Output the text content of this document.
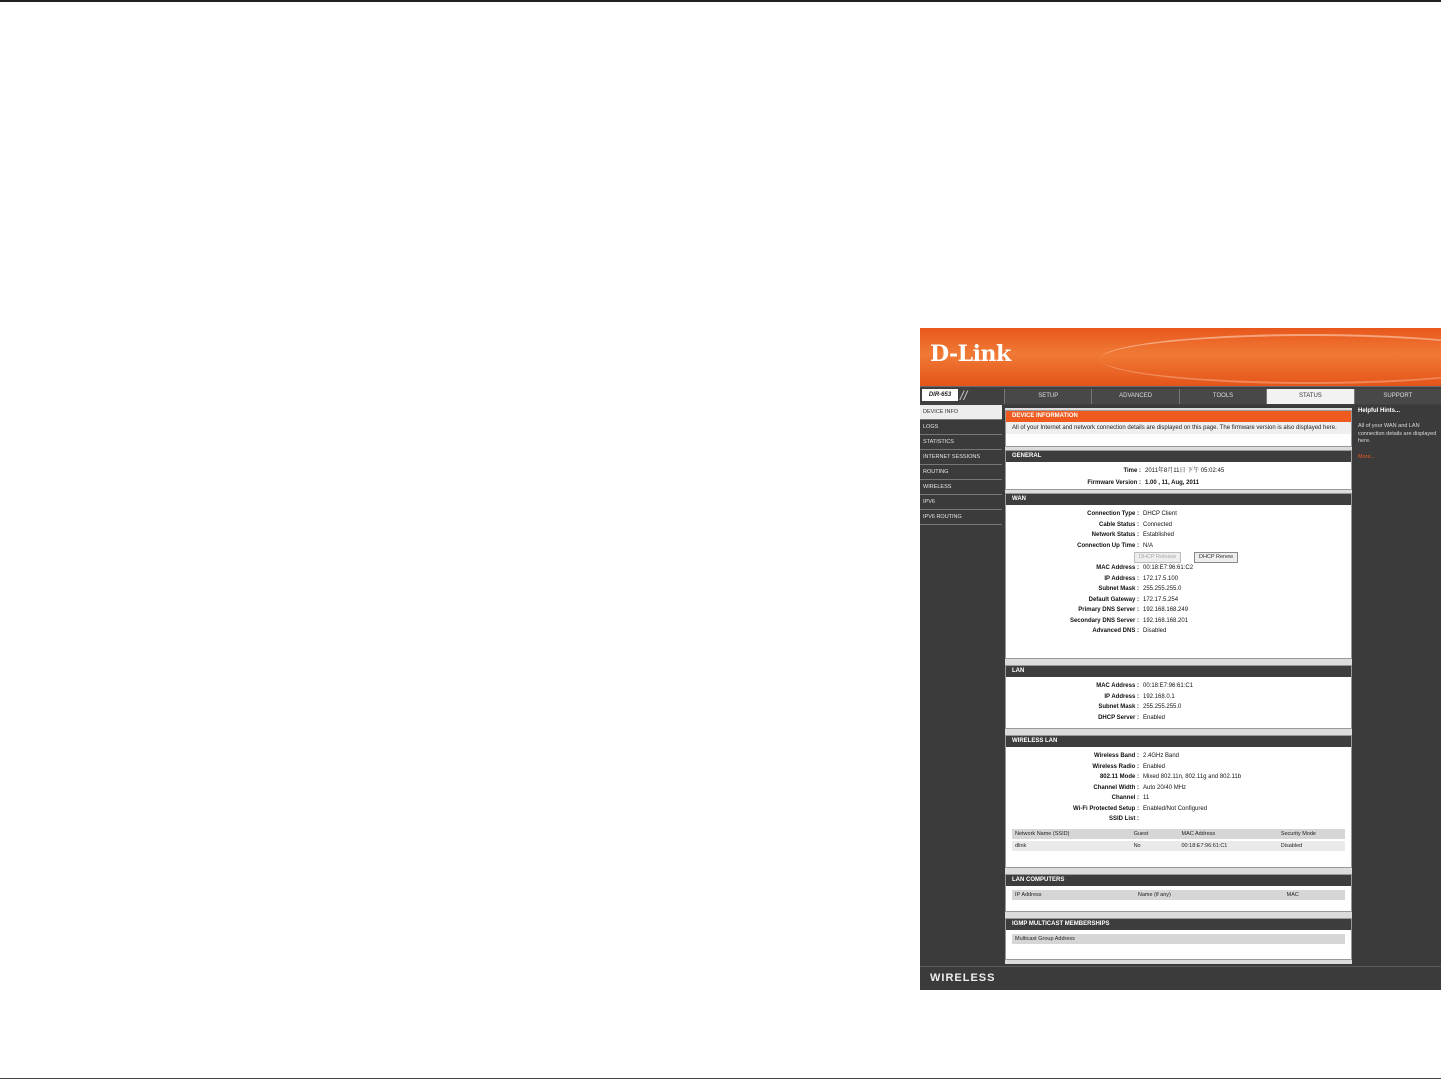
D-Link
DIR-653 //	SETUP	ADVANCED	TOOLS	STATUS	SUPPORT
DEVICE INFO
LOGS
STATISTICS
INTERNET SESSIONS
ROUTING
WIRELESS
IPV6
IPV6 ROUTING
DEVICE INFORMATION
All of your Internet and network connection details are displayed on this page. The firmware version is also displayed here.
GENERAL
Time : 2011年8月11日 下午 05:02:45
Firmware Version : 1.00 , 11, Aug, 2011
WAN
Connection Type : DHCP Client
Cable Status : Connected
Network Status : Established
Connection Up Time : N/A
DHCP Release	DHCP Renew
MAC Address : 00:18:E7:96:61:C2
IP Address : 172.17.5.100
Subnet Mask : 255.255.255.0
Default Gateway : 172.17.5.254
Primary DNS Server : 192.168.168.249
Secondary DNS Server : 192.168.168.201
Advanced DNS : Disabled
LAN
MAC Address : 00:18:E7:96:61:C1
IP Address : 192.168.0.1
Subnet Mask : 255.255.255.0
DHCP Server : Enabled
WIRELESS LAN
Wireless Band : 2.4GHz Band
Wireless Radio : Enabled
802.11 Mode : Mixed 802.11n, 802.11g and 802.11b
Channel Width : Auto 20/40 MHz
Channel : 11
Wi-Fi Protected Setup : Enabled/Not Configured
SSID List :
Network Name (SSID)	Guest	MAC Address	Security Mode
dlink	No	00:18:E7:96:61:C1	Disabled
LAN COMPUTERS
IP Address	Name (if any)	MAC
IGMP MULTICAST MEMBERSHIPS
Multicast Group Address
Helpful Hints...
All of your WAN and LAN connection details are displayed here.
More...
WIRELESS
